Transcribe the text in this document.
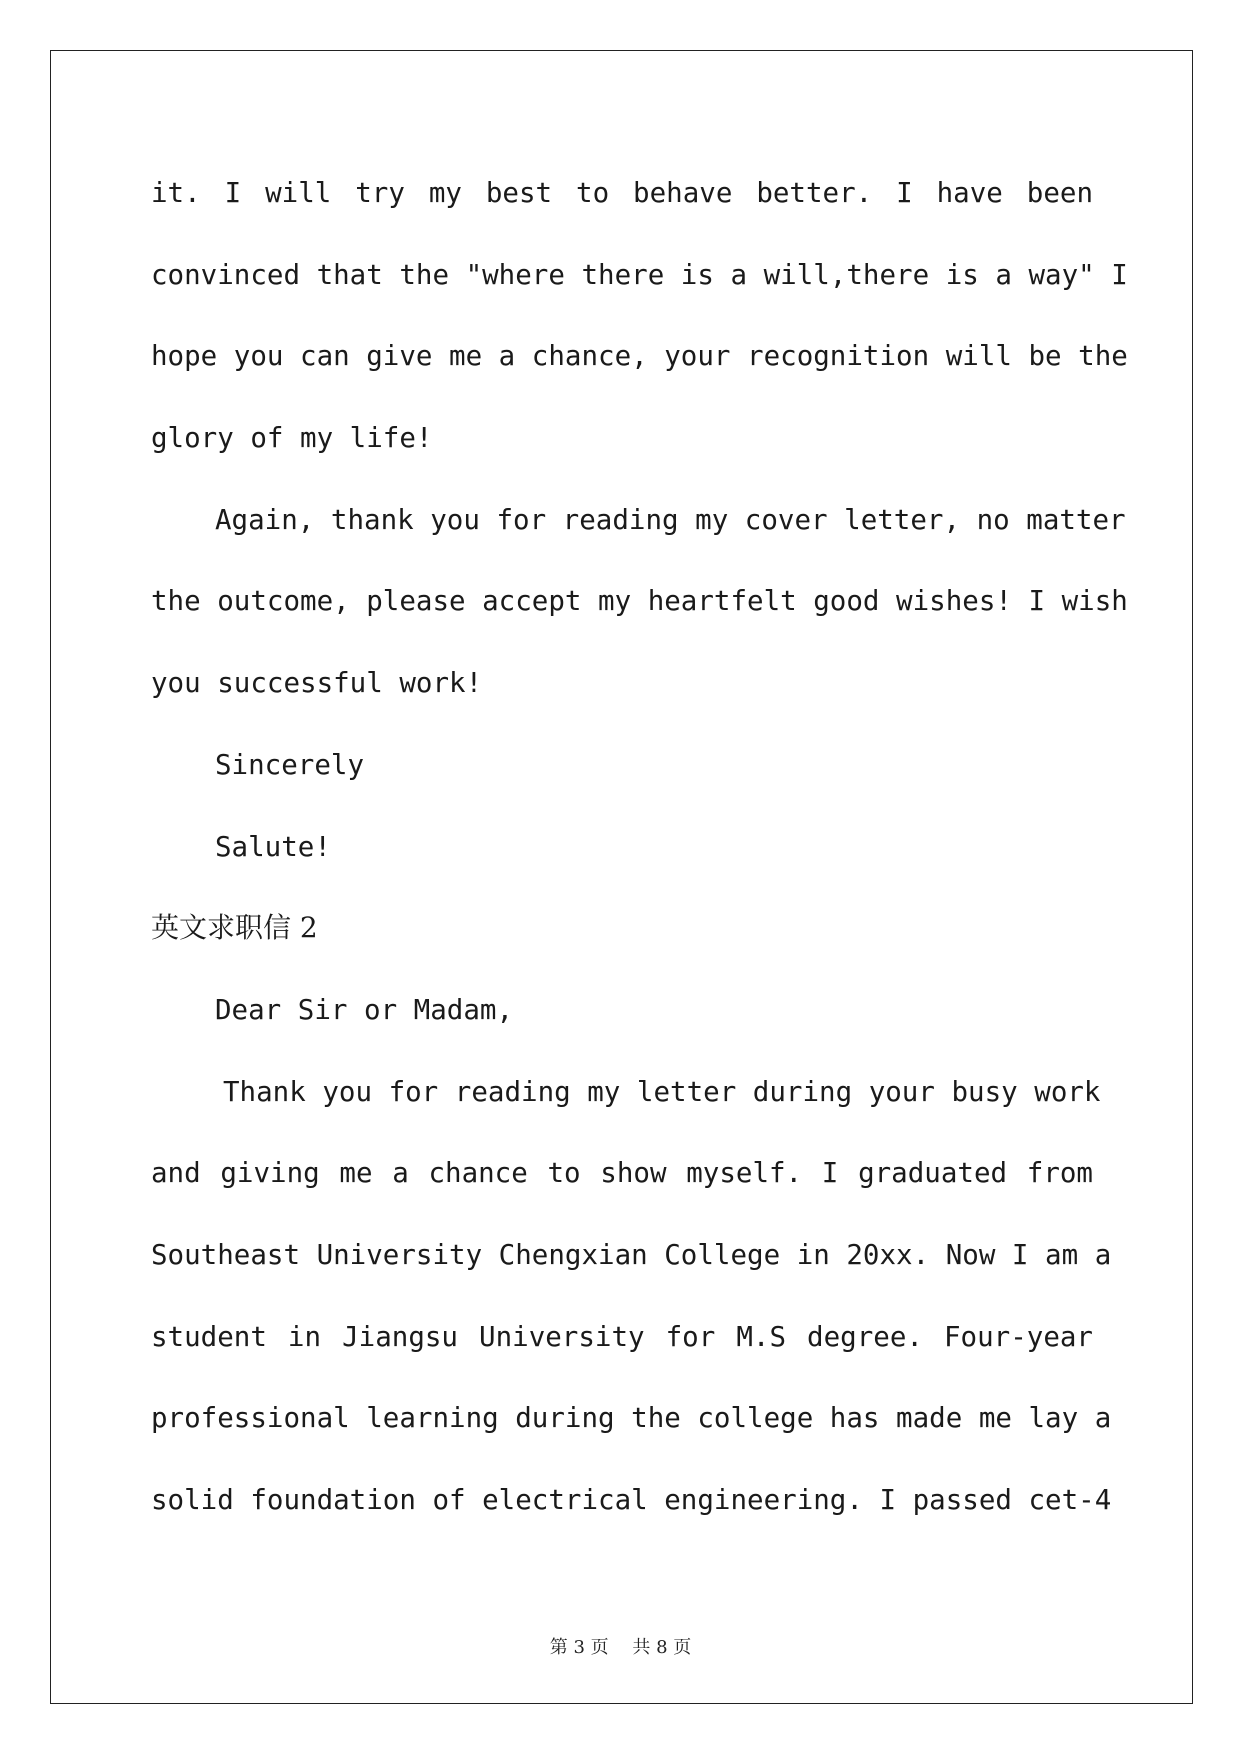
it. I will try my best to behave better. I have been
convinced that the "where there is a will,there is a way" I
hope you can give me a chance, your recognition will be the
glory of my life!
Again, thank you for reading my cover letter, no matter
the outcome, please accept my heartfelt good wishes! I wish
you successful work!
Sincerely
Salute!
英文求职信 2
Dear Sir or Madam,
Thank you for reading my letter during your busy work
and giving me a chance to show myself. I graduated from
Southeast University Chengxian College in 20xx. Now I am a
student in Jiangsu University for M.S degree. Four-year
professional learning during the college has made me lay a
solid foundation of electrical engineering. I passed cet-4
第 3 页 共 8 页
